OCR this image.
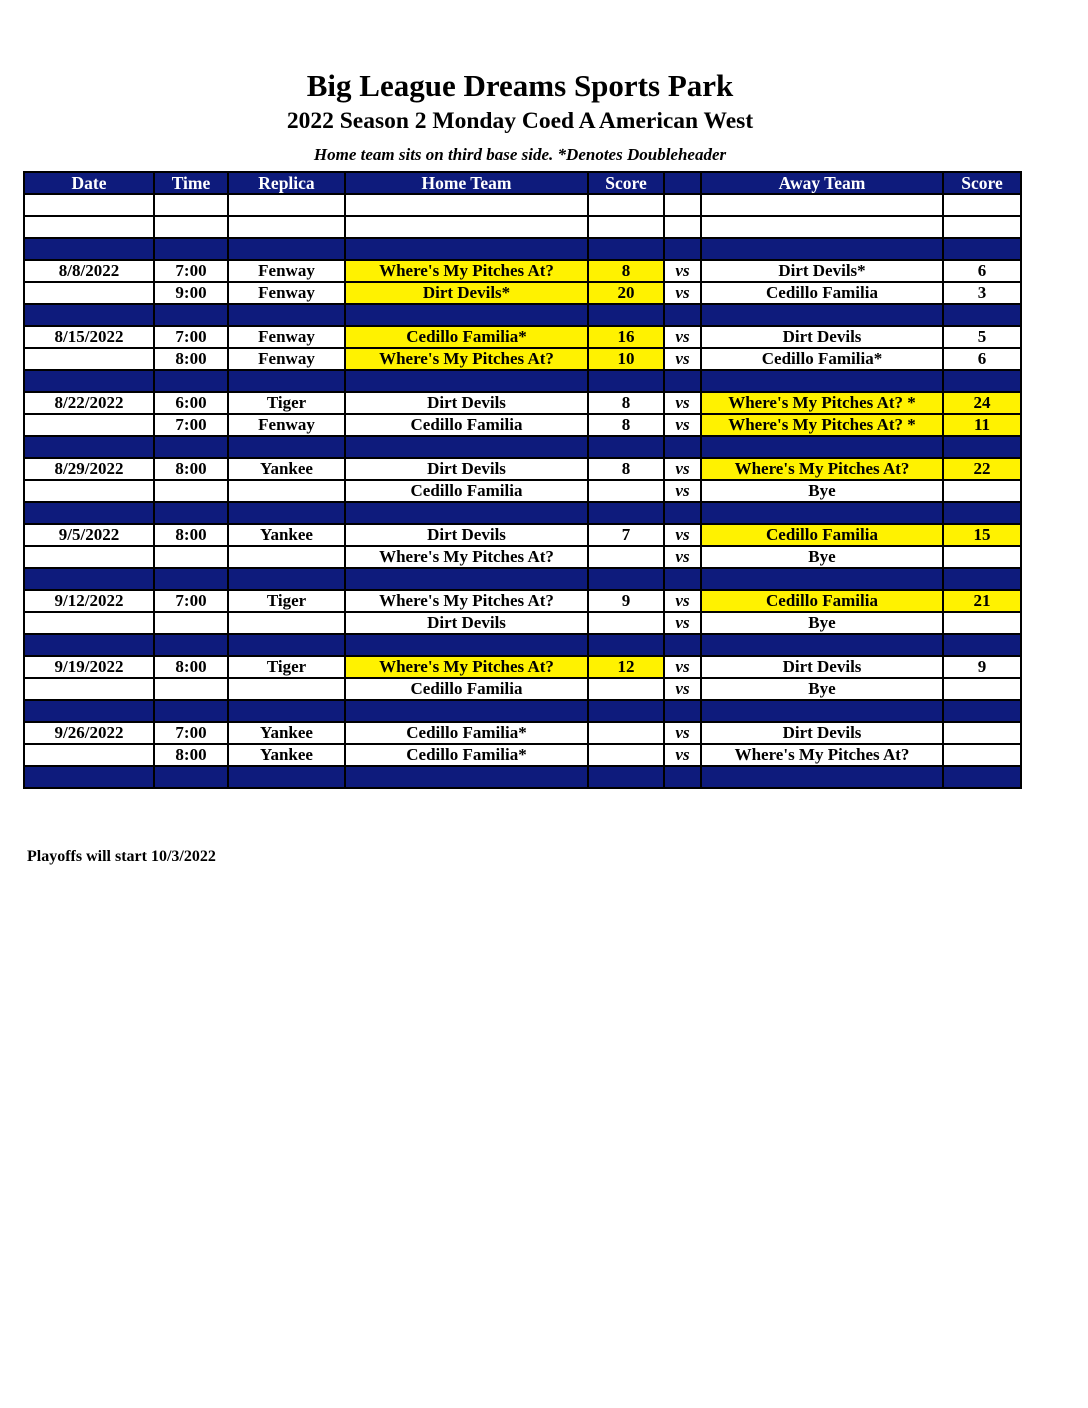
Big League Dreams Sports Park
2022 Season 2 Monday Coed A American West
Home team sits on third base side. *Denotes Doubleheader
Date	Time	Replica	Home Team	Score		Away Team	Score

8/8/2022	7:00	Fenway	Where's My Pitches At?	8	vs	Dirt Devils*	6
	9:00	Fenway	Dirt Devils*	20	vs	Cedillo Familia	3

8/15/2022	7:00	Fenway	Cedillo Familia*	16	vs	Dirt Devils	5
	8:00	Fenway	Where's My Pitches At?	10	vs	Cedillo Familia*	6

8/22/2022	6:00	Tiger	Dirt Devils	8	vs	Where's My Pitches At? *	24
	7:00	Fenway	Cedillo Familia	8	vs	Where's My Pitches At? *	11

8/29/2022	8:00	Yankee	Dirt Devils	8	vs	Where's My Pitches At?	22
			Cedillo Familia		vs	Bye	

9/5/2022	8:00	Yankee	Dirt Devils	7	vs	Cedillo Familia	15
			Where's My Pitches At?		vs	Bye	

9/12/2022	7:00	Tiger	Where's My Pitches At?	9	vs	Cedillo Familia	21
			Dirt Devils		vs	Bye	

9/19/2022	8:00	Tiger	Where's My Pitches At?	12	vs	Dirt Devils	9
			Cedillo Familia		vs	Bye	

9/26/2022	7:00	Yankee	Cedillo Familia*		vs	Dirt Devils	
	8:00	Yankee	Cedillo Familia*		vs	Where's My Pitches At?	

Playoffs will start 10/3/2022
